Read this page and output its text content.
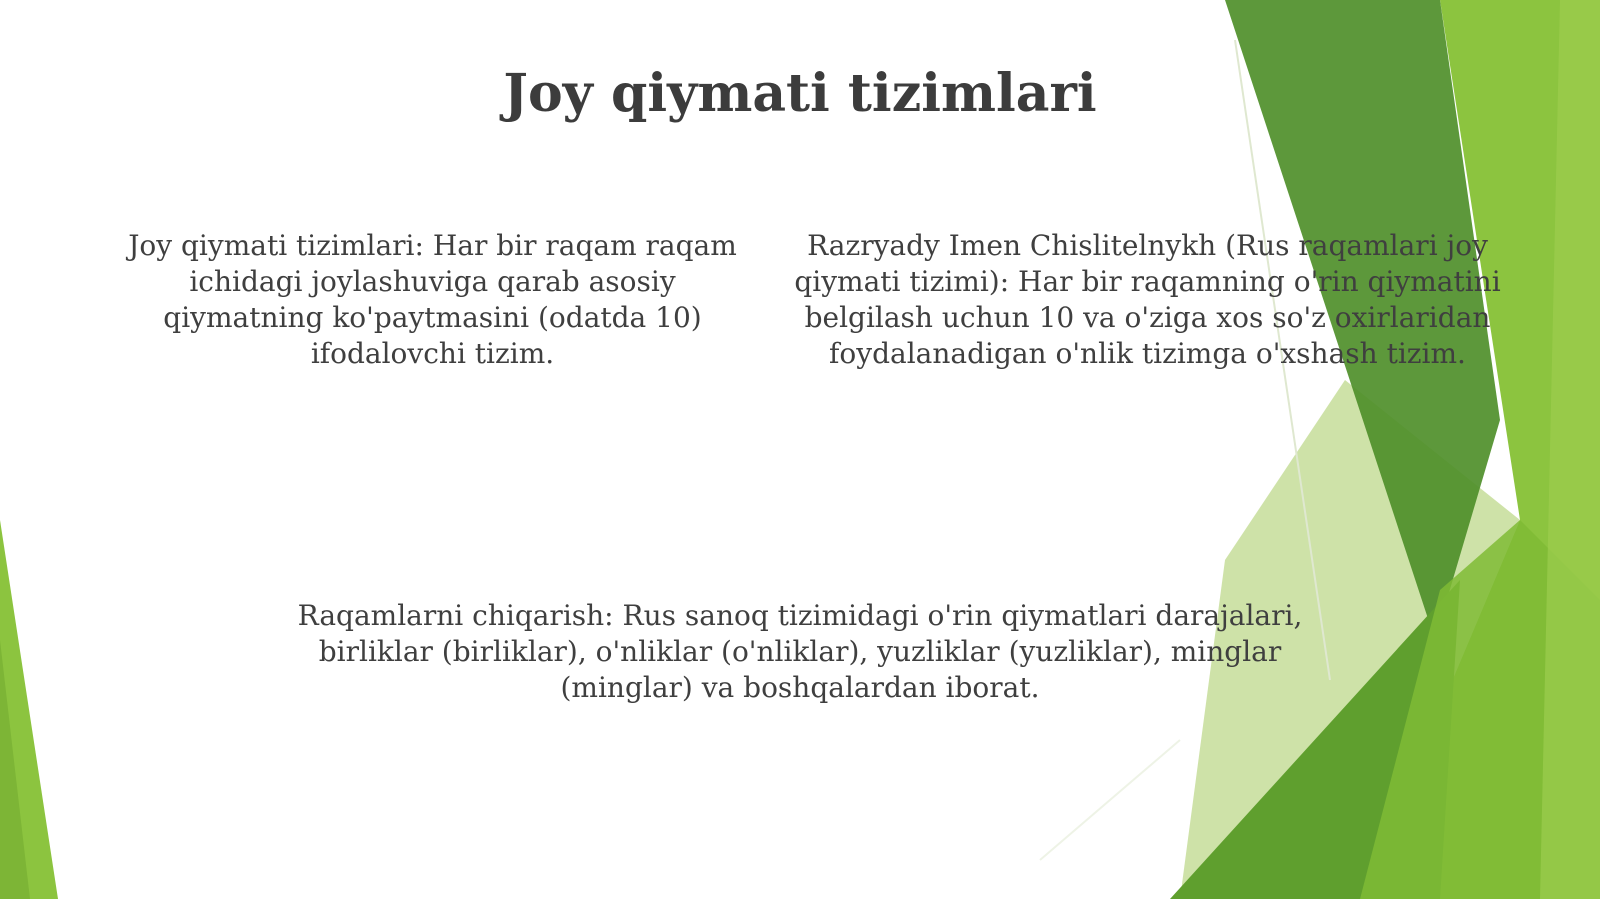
Joy qiymati tizimlari
Joy qiymati tizimlari: Har bir raqam raqam ichidagi joylashuviga qarab asosiy qiymatning ko'paytmasini (odatda 10) ifodalovchi tizim.
Razryady Imen Chislitelnykh (Rus raqamlari joy qiymati tizimi): Har bir raqamning o'rin qiymatini belgilash uchun 10 va o'ziga xos so'z oxirlaridan foydalanadigan o'nlik tizimga o'xshash tizim.
Raqamlarni chiqarish: Rus sanoq tizimidagi o'rin qiymatlari darajalari, birliklar (birliklar), o'nliklar (o'nliklar), yuzliklar (yuzliklar), minglar (minglar) va boshqalardan iborat.
